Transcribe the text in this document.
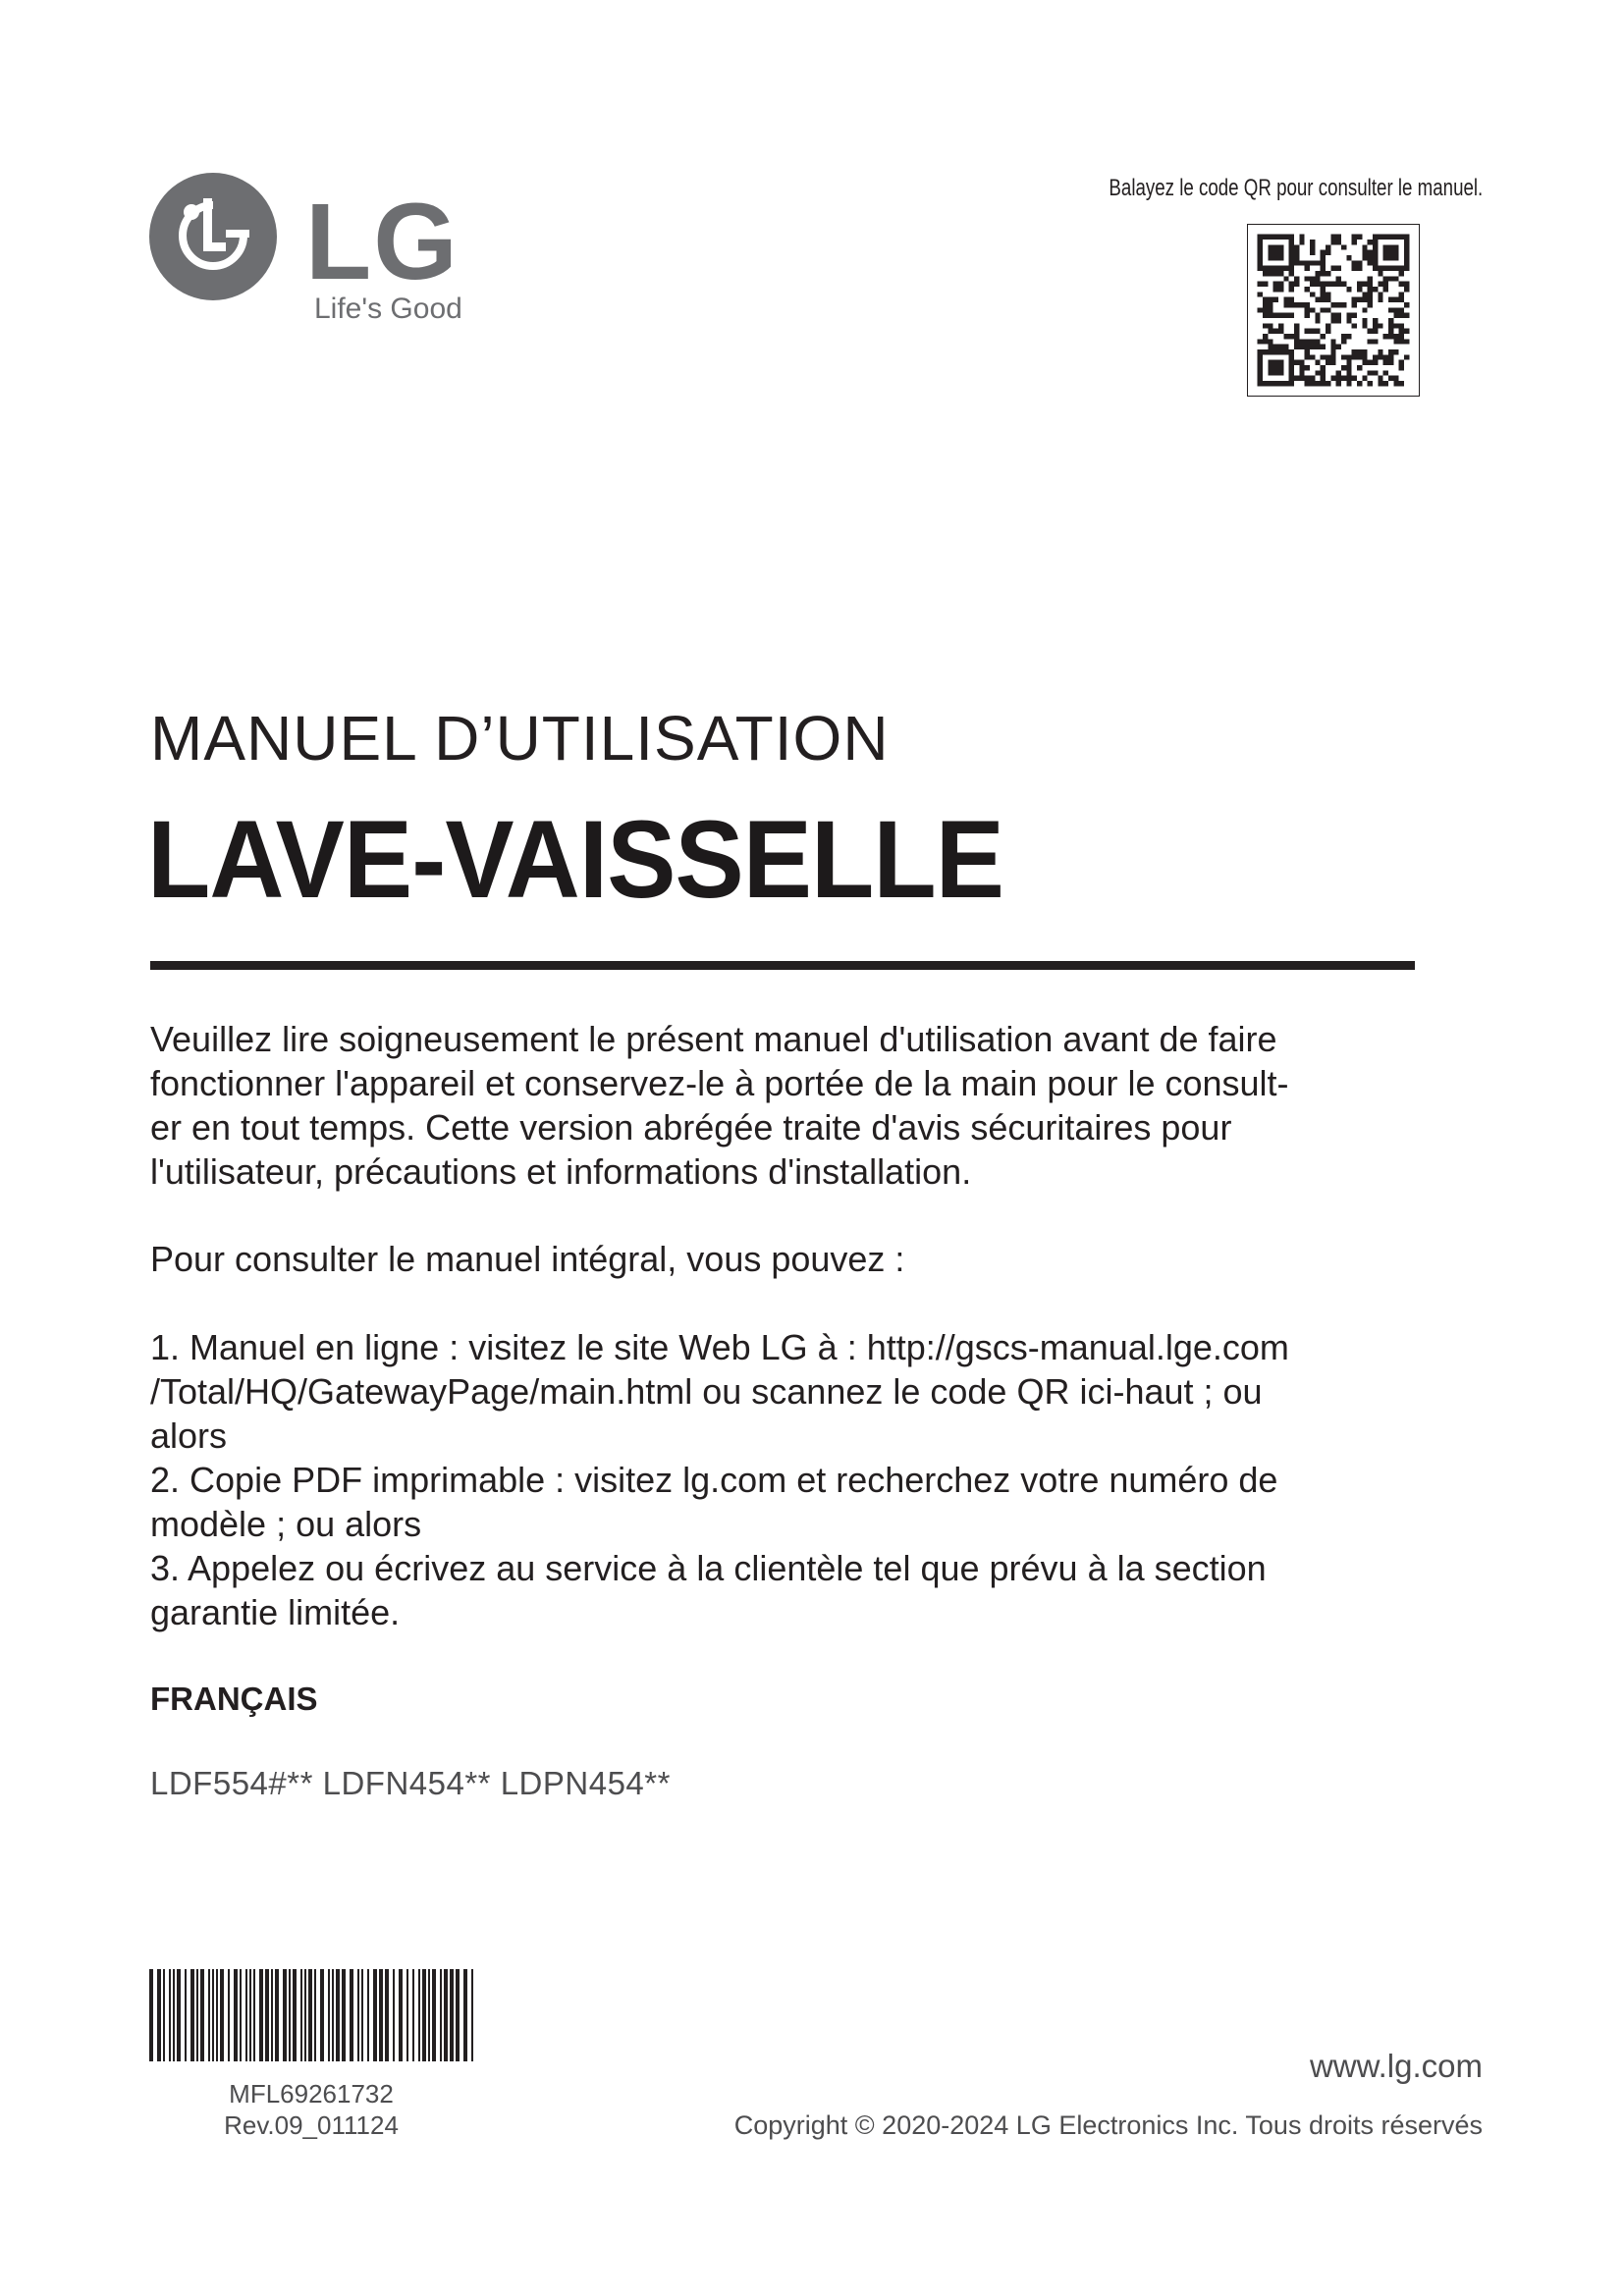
LG
Life's Good
Balayez le code QR pour consulter le manuel.
MANUEL D’UTILISATION
LAVE-VAISSELLE
Veuillez lire soigneusement le présent manuel d'utilisation avant de faire
fonctionner l'appareil et conservez-le à portée de la main pour le consult-
er en tout temps. Cette version abrégée traite d'avis sécuritaires pour
l'utilisateur, précautions et informations d'installation.
Pour consulter le manuel intégral, vous pouvez :
1. Manuel en ligne : visitez le site Web LG à : http://gscs-manual.lge.com
/Total/HQ/GatewayPage/main.html ou scannez le code QR ici-haut ; ou
alors
2. Copie PDF imprimable : visitez lg.com et recherchez votre numéro de
modèle ; ou alors
3. Appelez ou écrivez au service à la clientèle tel que prévu à la section
garantie limitée.
FRANÇAIS
LDF554#** LDFN454** LDPN454**
MFL69261732
Rev.09_011124
www.lg.com
Copyright © 2020-2024 LG Electronics Inc. Tous droits réservés
